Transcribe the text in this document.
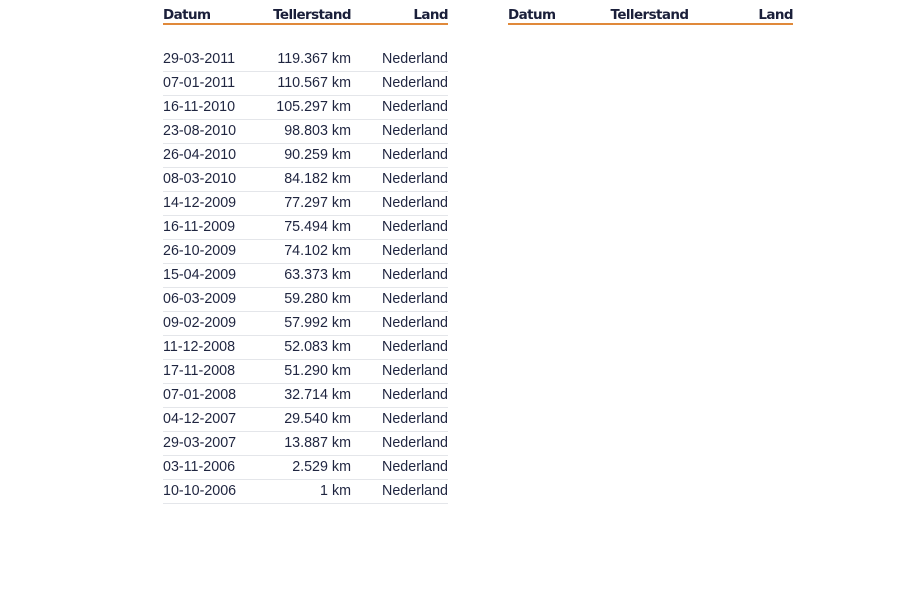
Datum	Tellerstand	Land

29-03-2011	119.367 km	Nederland
07-01-2011	110.567 km	Nederland
16-11-2010	105.297 km	Nederland
23-08-2010	98.803 km	Nederland
26-04-2010	90.259 km	Nederland
08-03-2010	84.182 km	Nederland
14-12-2009	77.297 km	Nederland
16-11-2009	75.494 km	Nederland
26-10-2009	74.102 km	Nederland
15-04-2009	63.373 km	Nederland
06-03-2009	59.280 km	Nederland
09-02-2009	57.992 km	Nederland
11-12-2008	52.083 km	Nederland
17-11-2008	51.290 km	Nederland
07-01-2008	32.714 km	Nederland
04-12-2007	29.540 km	Nederland
29-03-2007	13.887 km	Nederland
03-11-2006	2.529 km	Nederland
10-10-2006	1 km	Nederland
Datum	Tellerstand	Land
